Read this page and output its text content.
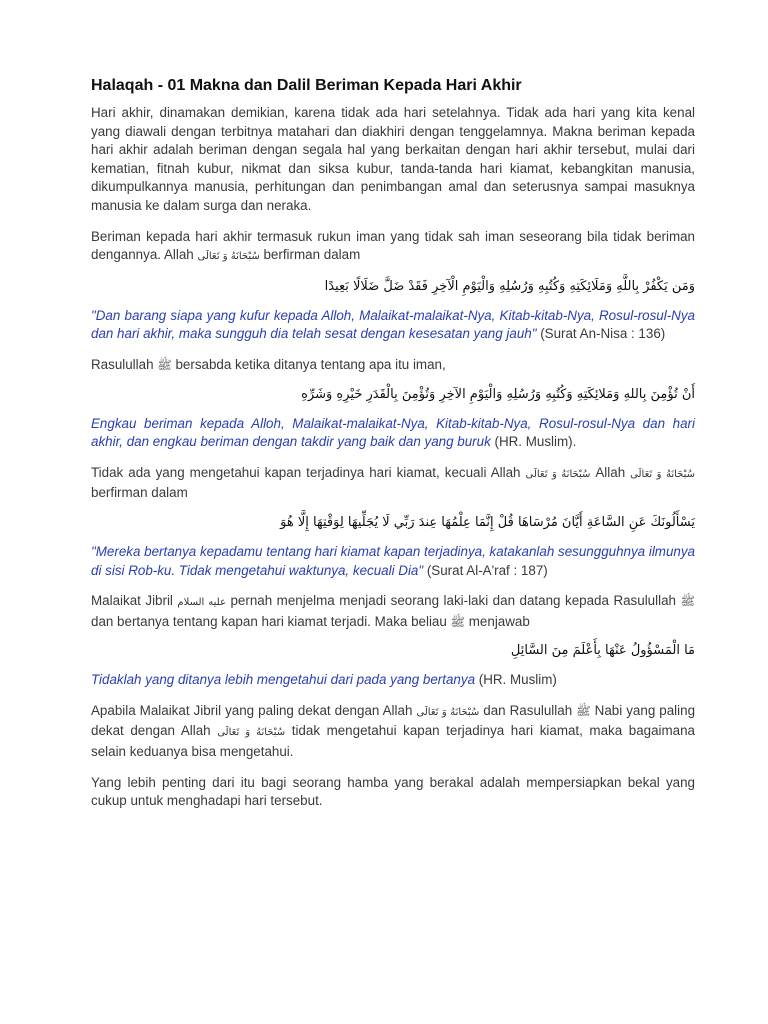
Halaqah - 01 Makna dan Dalil Beriman Kepada Hari Akhir

Hari akhir, dinamakan demikian, karena tidak ada hari setelahnya. Tidak ada hari yang kita kenal yang diawali dengan terbitnya matahari dan diakhiri dengan tenggelamnya. Makna beriman kepada hari akhir adalah beriman dengan segala hal yang berkaitan dengan hari akhir tersebut, mulai dari kematian, fitnah kubur, nikmat dan siksa kubur, tanda-tanda hari kiamat, kebangkitan manusia, dikumpulkannya manusia, perhitungan dan penimbangan amal dan seterusnya sampai masuknya manusia ke dalam surga dan neraka.

Beriman kepada hari akhir termasuk rukun iman yang tidak sah iman seseorang bila tidak beriman dengannya. Allah سُبْحَانَهُ وَ تَعَالَى berfirman dalam

وَمَن يَكْفُرْ بِاللَّهِ وَمَلَائِكَتِهِ وَكُتُبِهِ وَرُسُلِهِ وَالْيَوْمِ الْآخِرِ فَقَدْ ضَلَّ ضَلَالًا بَعِيدًا

"Dan barang siapa yang kufur kepada Alloh, Malaikat-malaikat-Nya, Kitab-kitab-Nya, Rosul-rosul-Nya dan hari akhir, maka sungguh dia telah sesat dengan kesesatan yang jauh" (Surat An-Nisa : 136)

Rasulullah ﷺ bersabda ketika ditanya tentang apa itu iman,

أَنْ تُؤْمِنَ بِاللهِ وَمَلائِكَتِهِ وَكُتُبِهِ وَرُسُلِهِ وَالْيَوْمِ الآخِرِ وَتُؤْمِنَ بِالْقَدَرِ خَيْرِهِ وَشَرِّهِ

Engkau beriman kepada Alloh, Malaikat-malaikat-Nya, Kitab-kitab-Nya, Rosul-rosul-Nya dan hari akhir, dan engkau beriman dengan takdir yang baik dan yang buruk (HR. Muslim).

Tidak ada yang mengetahui kapan terjadinya hari kiamat, kecuali Allah سُبْحَانَهُ وَ تَعَالَى Allah سُبْحَانَهُ وَ تَعَالَى berfirman dalam

يَسْأَلُونَكَ عَنِ السَّاعَةِ أَيَّانَ مُرْسَاهَا قُلْ إِنَّمَا عِلْمُهَا عِندَ رَبِّي لَا يُجَلِّيهَا لِوَقْتِهَا إِلَّا هُوَ

"Mereka bertanya kepadamu tentang hari kiamat kapan terjadinya, katakanlah sesungguhnya ilmunya di sisi Rob-ku. Tidak mengetahui waktunya, kecuali Dia" (Surat Al-A'raf : 187)

Malaikat Jibril عليه السلام pernah menjelma menjadi seorang laki-laki dan datang kepada Rasulullah ﷺ dan bertanya tentang kapan hari kiamat terjadi. Maka beliau ﷺ menjawab

مَا الْمَسْؤُولُ عَنْهَا بِأَعْلَمَ مِنَ السَّائِلِ

Tidaklah yang ditanya lebih mengetahui dari pada yang bertanya (HR. Muslim)

Apabila Malaikat Jibril yang paling dekat dengan Allah سُبْحَانَهُ وَ تَعَالَى dan Rasulullah ﷺ Nabi yang paling dekat dengan Allah سُبْحَانَهُ وَ تَعَالَى tidak mengetahui kapan terjadinya hari kiamat, maka bagaimana selain keduanya bisa mengetahui.

Yang lebih penting dari itu bagi seorang hamba yang berakal adalah mempersiapkan bekal yang cukup untuk menghadapi hari tersebut.
